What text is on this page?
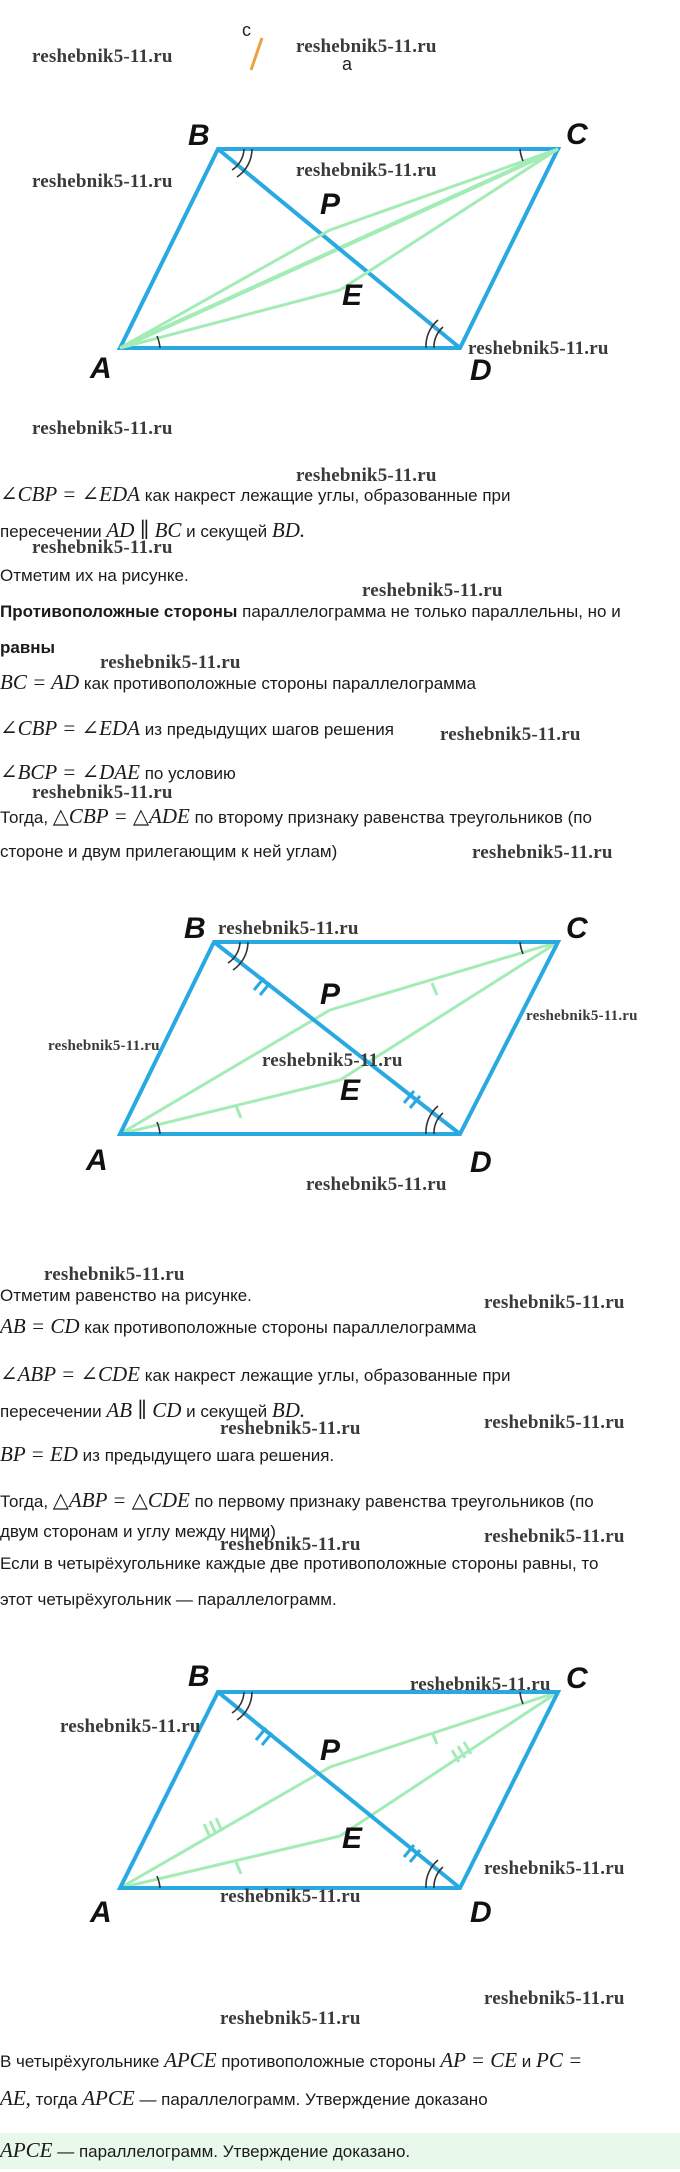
reshebnik5-11.ru	reshebnik5-11.ru
c
a
A
B	C
D
P
E
reshebnik5-11.ru
reshebnik5-11.ru
reshebnik5-11.ru
reshebnik5-11.ru
reshebnik5-11.ru
∠CBP = ∠EDA как накрест лежащие углы, образованные при
пересечении AD ∥ BC и секущей BD.
reshebnik5-11.ru
Отметим их на рисунке.
reshebnik5-11.ru
Противоположные стороны параллелограмма не только параллельны, но и
равны
reshebnik5-11.ru
BC = AD как противоположные стороны параллелограмма
∠CBP = ∠EDA из предыдущих шагов решения reshebnik5-11.ru
∠BCP = ∠DAE по условию
reshebnik5-11.ru
Тогда, △CBP = △ADE по второму признаку равенства треугольников (по
стороне и двум прилегающим к ней углам)	reshebnik5-11.ru
A
B	C
D
P
E
reshebnik5-11.ru
reshebnik5-11.ru
reshebnik5-11.ru
reshebnik5-11.ru
reshebnik5-11.ru
reshebnik5-11.ru
Отметим равенство на рисунке.	reshebnik5-11.ru
AB = CD как противоположные стороны параллелограмма
∠ABP = ∠CDE как накрест лежащие углы, образованные при
пересечении AB ∥ CD и секущей BD.
reshebnik5-11.ru
reshebnik5-11.ru
BP = ED из предыдущего шага решения.
Тогда, △ABP = △CDE по первому признаку равенства треугольников (по
reshebnik5-11.ru
двум сторонам и углу между ними)
reshebnik5-11.ru
Если в четырёхугольнике каждые две противоположные стороны равны, то
этот четырёхугольник — параллелограмм.
A
B	C
D
P
E
reshebnik5-11.ru
reshebnik5-11.ru
reshebnik5-11.ru
reshebnik5-11.ru
reshebnik5-11.ru
reshebnik5-11.ru
В четырёхугольнике APCE противоположные стороны AP = CE и PC =
AE, тогда APCE — параллелограмм. Утверждение доказано
APCE — параллелограмм. Утверждение доказано.
